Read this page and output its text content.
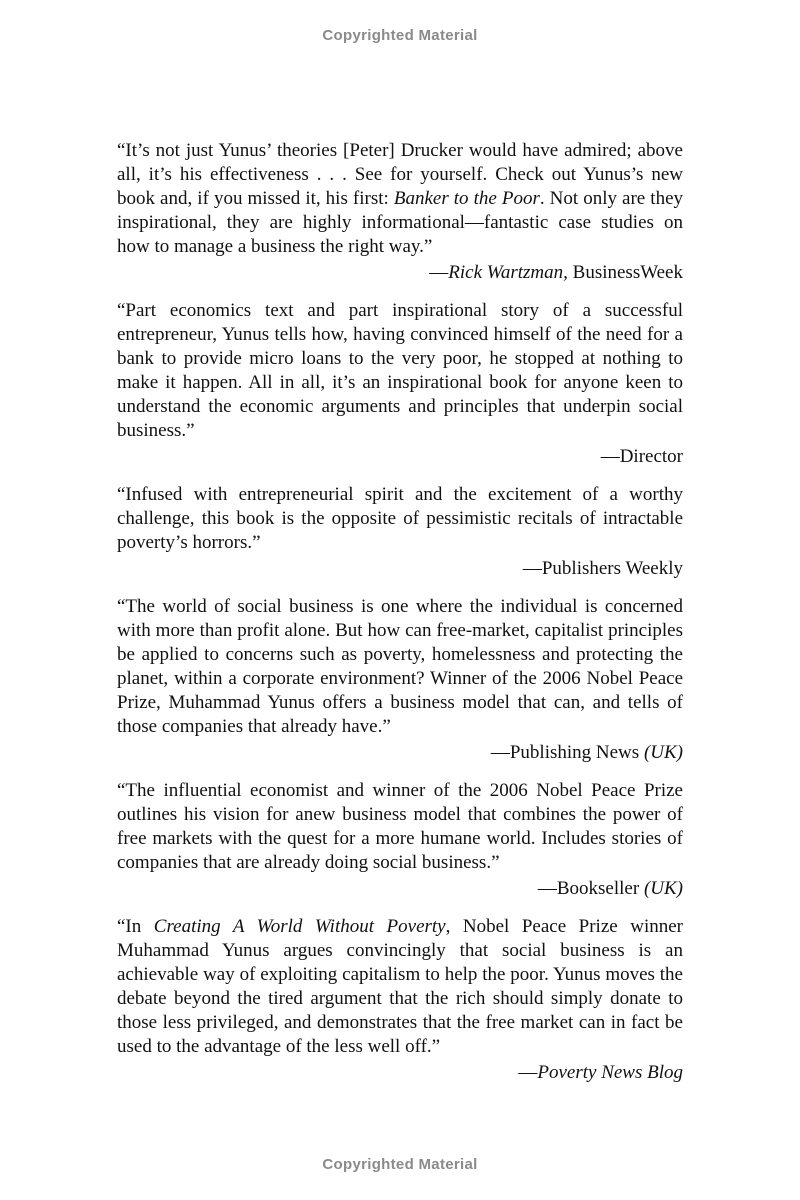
Copyrighted Material

“It’s not just Yunus’ theories [Peter] Drucker would have admired; above all, it’s his effectiveness . . . See for yourself. Check out Yunus’s new book and, if you missed it, his first: Banker to the Poor. Not only are they inspirational, they are highly informational—fantastic case studies on how to manage a business the right way.”

—Rick Wartzman, BusinessWeek

“Part economics text and part inspirational story of a successful entrepreneur, Yunus tells how, having convinced himself of the need for a bank to provide micro loans to the very poor, he stopped at nothing to make it happen. All in all, it’s an inspirational book for anyone keen to understand the economic arguments and principles that underpin social business.”

—Director

“Infused with entrepreneurial spirit and the excitement of a worthy challenge, this book is the opposite of pessimistic recitals of intractable poverty’s horrors.”

—Publishers Weekly

“The world of social business is one where the individual is concerned with more than profit alone. But how can free-market, capitalist principles be applied to concerns such as poverty, homelessness and protecting the planet, within a corporate environment? Winner of the 2006 Nobel Peace Prize, Muhammad Yunus offers a business model that can, and tells of those companies that already have.”

—Publishing News (UK)

“The influential economist and winner of the 2006 Nobel Peace Prize outlines his vision for anew business model that combines the power of free markets with the quest for a more humane world. Includes stories of companies that are already doing social business.”

—Bookseller (UK)

“In Creating A World Without Poverty, Nobel Peace Prize winner Muhammad Yunus argues convincingly that social business is an achievable way of exploiting capitalism to help the poor. Yunus moves the debate beyond the tired argument that the rich should simply donate to those less privileged, and demonstrates that the free market can in fact be used to the advantage of the less well off.”

—Poverty News Blog

Copyrighted Material
